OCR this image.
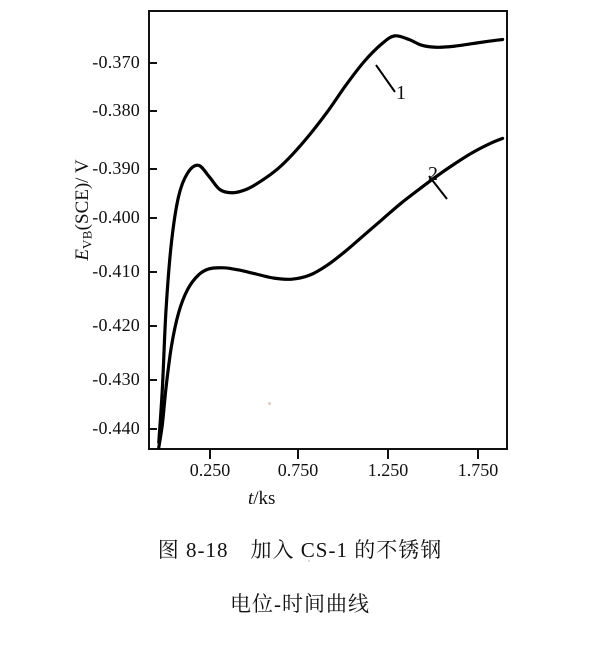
$E_{VB}(SCE)/$ V
-0.370
-0.380
-0.390
-0.400
-0.410
-0.420
-0.430
-0.440
1
2
0.250	0.750	1.250	1.750
t/ks
图 8-18　加入 CS-1 的不锈钢
电位-时间曲线
